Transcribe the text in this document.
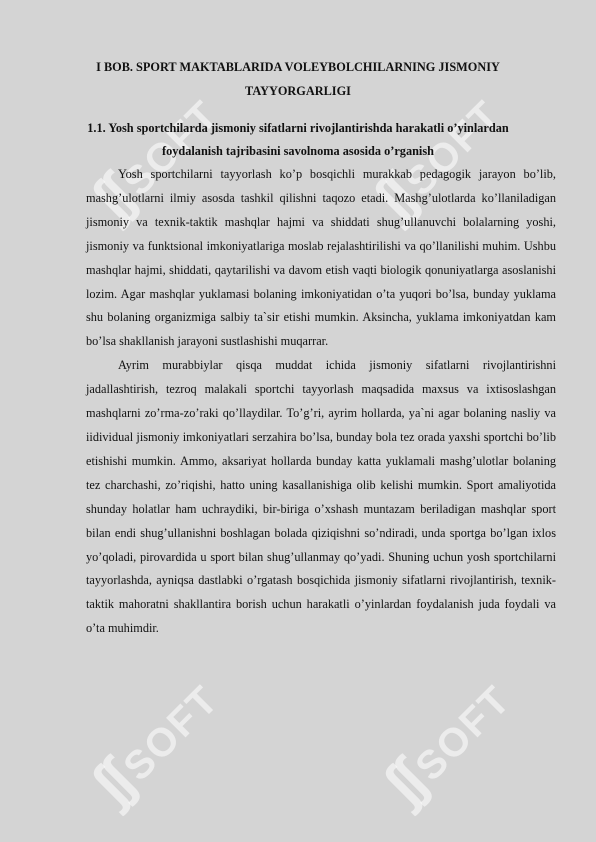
ʃʃSOFT ʃʃSOFT
ʃʃSOFT ʃʃSOFT
I BOB. SPORT MAKTABLARIDA VOLEYBOLCHILARNING JISMONIY TAYYORGARLIGI
1.1. Yosh sportchilarda jismoniy sifatlarni rivojlantirishda harakatli o’yinlardan foydalanish tajribasini savolnoma asosida o’rganish

Yosh sportchilarni tayyorlash ko’p bosqichli murakkab pedagogik jarayon bo’lib, mashg’ulotlarni ilmiy asosda tashkil qilishni taqozo etadi. Mashg’ulotlarda ko’llaniladigan jismoniy va texnik-taktik mashqlar hajmi va shiddati shug’ullanuvchi bolalarning yoshi, jismoniy va funktsional imkoniyatlariga moslab rejalashtirilishi va qo’llanilishi muhim. Ushbu mashqlar hajmi, shiddati, qaytarilishi va davom etish vaqti biologik qonuniyatlarga asoslanishi lozim. Agar mashqlar yuklamasi bolaning imkoniyatidan o’ta yuqori bo’lsa, bunday yuklama shu bolaning organizmiga salbiy ta`sir etishi mumkin. Aksincha, yuklama imkoniyatdan kam bo’lsa shakllanish jarayoni sustlashishi muqarrar.

Ayrim murabbiylar qisqa muddat ichida jismoniy sifatlarni rivojlantirishni jadallashtirish, tezroq malakali sportchi tayyorlash maqsadida maxsus va ixtisoslashgan mashqlarni zo’rma-zo’raki qo’llaydilar. To’g’ri, ayrim hollarda, ya`ni agar bolaning nasliy va iidividual jismoniy imkoniyatlari serzahira bo’lsa, bunday bola tez orada yaxshi sportchi bo’lib etishishi mumkin. Ammo, aksariyat hollarda bunday katta yuklamali mashg’ulotlar bolaning tez charchashi, zo’riqishi, hatto uning kasallanishiga olib kelishi mumkin. Sport amaliyotida shunday holatlar ham uchraydiki, bir-biriga o’xshash muntazam beriladigan mashqlar sport bilan endi shug’ullanishni boshlagan bolada qiziqishni so’ndiradi, unda sportga bo’lgan ixlos yo’qoladi, pirovardida u sport bilan shug’ullanmay qo’yadi. Shuning uchun yosh sportchilarni tayyorlashda, ayniqsa dastlabki o’rgatash bosqichida jismoniy sifatlarni rivojlantirish, texnik-taktik mahoratni shakllantira borish uchun harakatli o’yinlardan foydalanish juda foydali va o’ta muhimdir.
